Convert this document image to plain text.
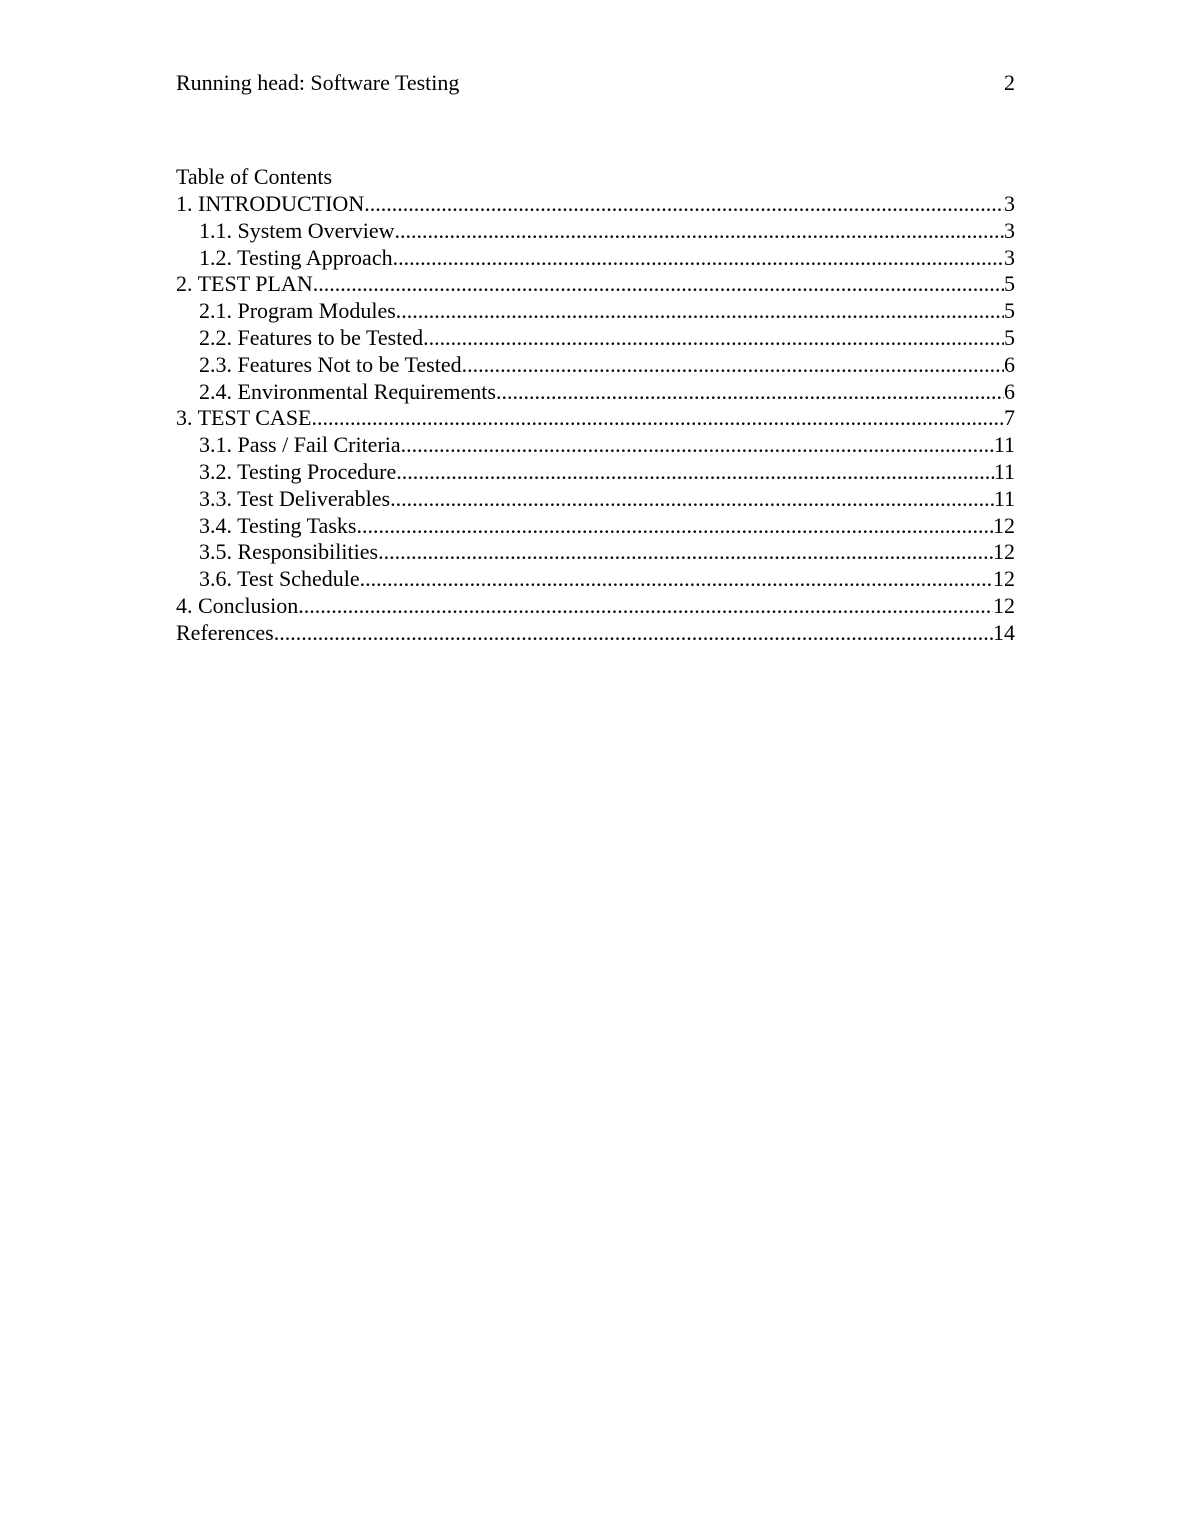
Running head: Software Testing	2
Table of Contents
1. INTRODUCTION .....	3
1.1. System Overview .....	3
1.2. Testing Approach .....	3
2. TEST PLAN .....	5
2.1. Program Modules .....	5
2.2. Features to be Tested .....	5
2.3. Features Not to be Tested .....	6
2.4. Environmental Requirements .....	6
3. TEST CASE .....	7
3.1. Pass / Fail Criteria .....	11
3.2. Testing Procedure .....	11
3.3. Test Deliverables .....	11
3.4. Testing Tasks .....	12
3.5. Responsibilities .....	12
3.6. Test Schedule .....	12
4. Conclusion .....	12
References .....	14
